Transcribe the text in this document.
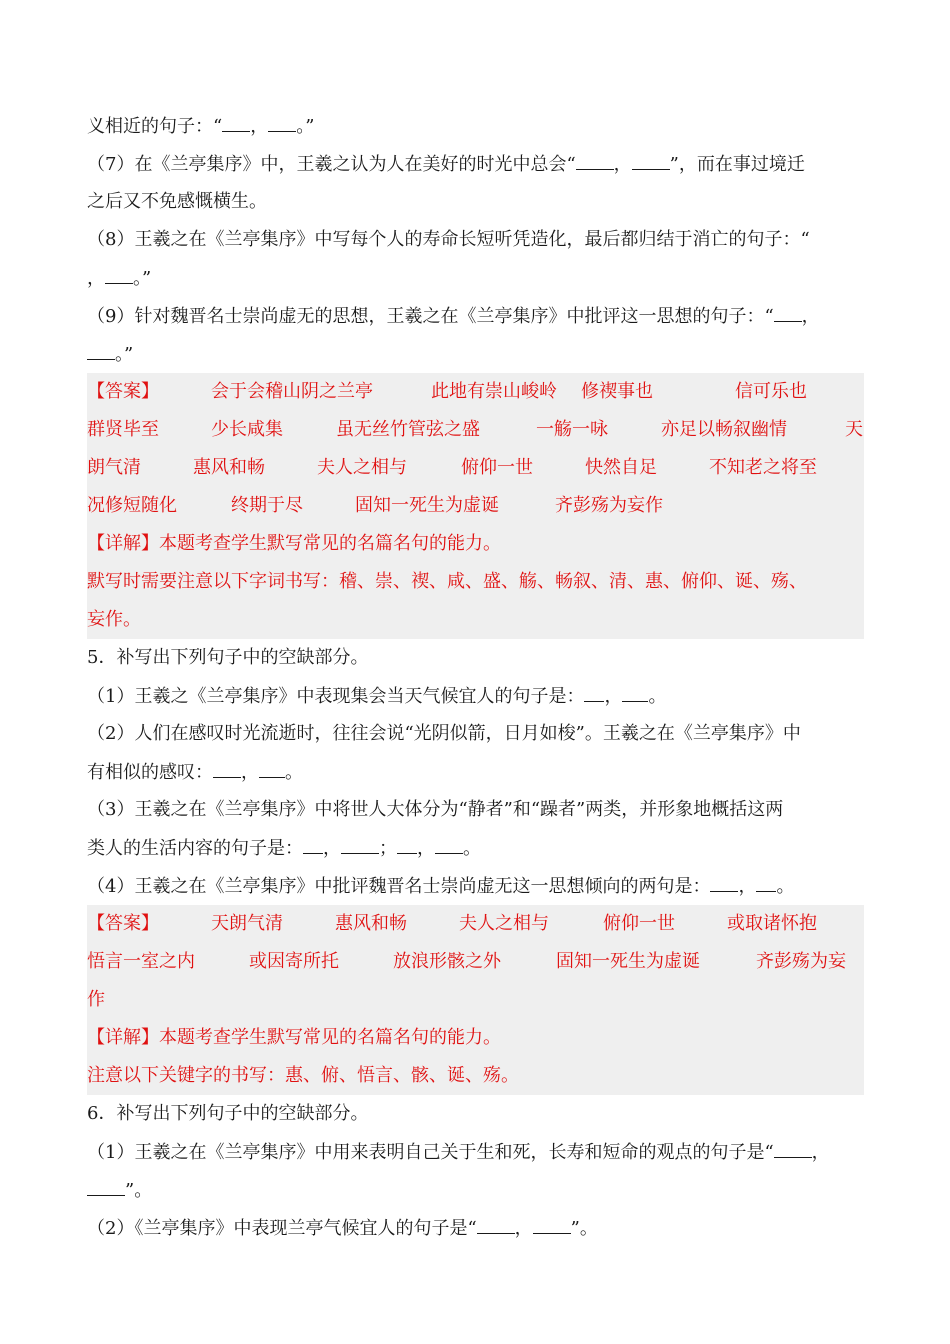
义相近的句子：“ ， 。”
（7）在《兰亭集序》中，王羲之认为人在美好的时光中总会“ ， ”，而在事过境迁
之后又不免感慨横生。
（8）王羲之在《兰亭集序》中写每个人的寿命长短听凭造化，最后都归结于消亡的句子：“
， 。”
（9）针对魏晋名士崇尚虚无的思想，王羲之在《兰亭集序》中批评这一思想的句子：“ ，
。”
【答案】	会于会稽山阴之兰亭	此地有崇山峻岭 修禊事也	信可乐也
群贤毕至	少长咸集	虽无丝竹管弦之盛	一觞一咏	亦足以畅叙幽情	天
朗气清	惠风和畅	夫人之相与	俯仰一世	快然自足	不知老之将至
况修短随化	终期于尽	固知一死生为虚诞	齐彭殇为妄作
【详解】本题考查学生默写常见的名篇名句的能力。
默写时需要注意以下字词书写：稽、崇、禊、咸、盛、觞、畅叙、清、惠、俯仰、诞、殇、
妄作。
5．补写出下列句子中的空缺部分。
（1）王羲之《兰亭集序》中表现集会当天气候宜人的句子是： ， 。
（2）人们在感叹时光流逝时，往往会说“光阴似箭，日月如梭”。王羲之在《兰亭集序》中
有相似的感叹： ， 。
（3）王羲之在《兰亭集序》中将世人大体分为“静者”和“躁者”两类，并形象地概括这两
类人的生活内容的句子是： ， ； ， 。
（4）王羲之在《兰亭集序》中批评魏晋名士崇尚虚无这一思想倾向的两句是： ， 。
【答案】	天朗气清	惠风和畅	夫人之相与	俯仰一世	或取诸怀抱
悟言一室之内	或因寄所托	放浪形骸之外	固知一死生为虚诞	齐彭殇为妄
作
【详解】本题考查学生默写常见的名篇名句的能力。
注意以下关键字的书写：惠、俯、悟言、骸、诞、殇。
6．补写出下列句子中的空缺部分。
（1）王羲之在《兰亭集序》中用来表明自己关于生和死，长寿和短命的观点的句子是“ ，
”。
（2）《兰亭集序》中表现兰亭气候宜人的句子是“ ， ”。
